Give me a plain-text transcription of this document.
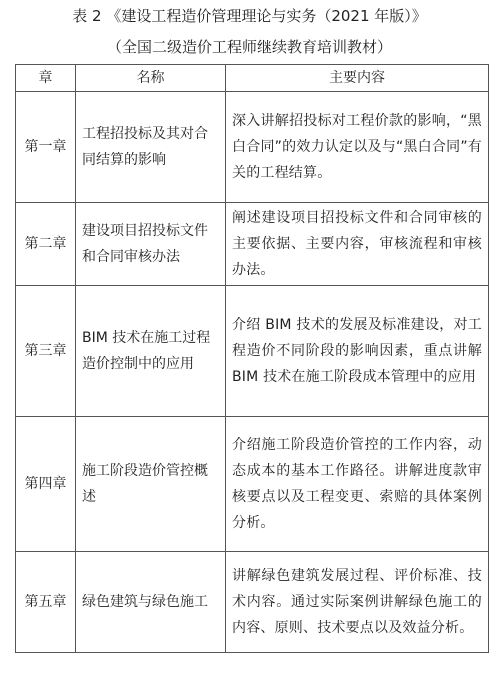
表 2 《建设工程造价管理理论与实务（2021 年版）》
（全国二级造价工程师继续教育培训教材）
章	名称	主要内容
第一章	工程招投标及其对合同结算的影响	深入讲解招投标对工程价款的影响，“黑白合同”的效力认定以及与“黑白合同”有关的工程结算。
第二章	建设项目招投标文件和合同审核办法	阐述建设项目招投标文件和合同审核的主要依据、主要内容，审核流程和审核办法。
第三章	BIM 技术在施工过程造价控制中的应用	介绍 BIM 技术的发展及标准建设，对工程造价不同阶段的影响因素，重点讲解 BIM 技术在施工阶段成本管理中的应用
第四章	施工阶段造价管控概述	介绍施工阶段造价管控的工作内容，动态成本的基本工作路径。讲解进度款审核要点以及工程变更、索赔的具体案例分析。
第五章	绿色建筑与绿色施工	讲解绿色建筑发展过程、评价标准、技术内容。通过实际案例讲解绿色施工的内容、原则、技术要点以及效益分析。
